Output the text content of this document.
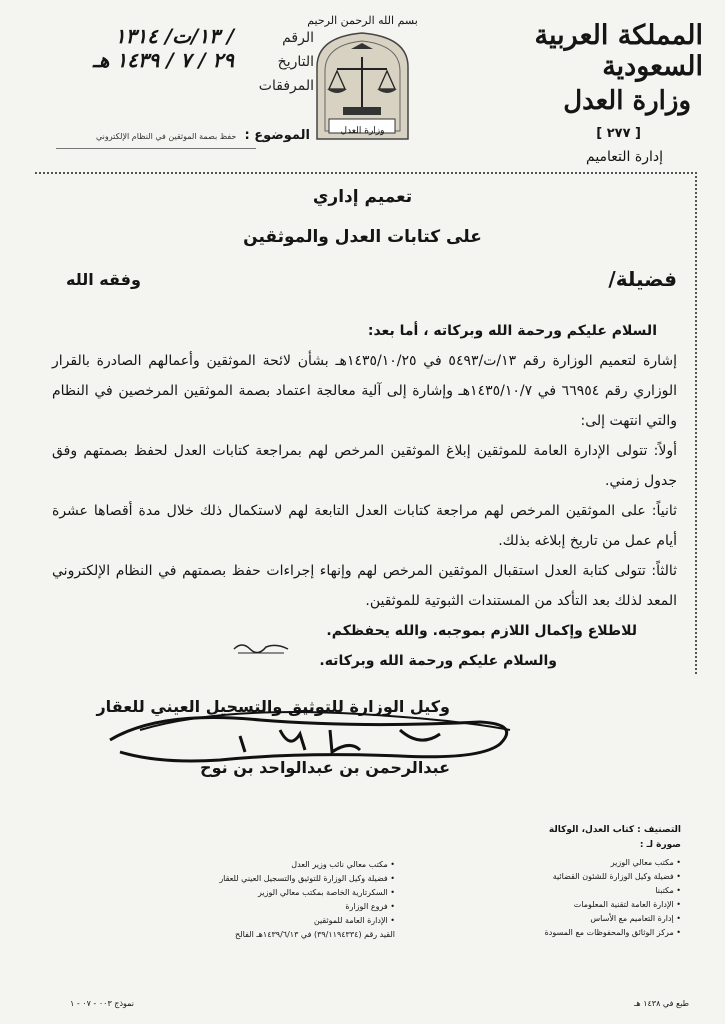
المملكة العربية السعودية
وزارة العدل
[ ٢٧٧ ]
إدارة التعاميم
بسم الله الرحمن الرحيم
وزارة العدل
الرقم
١٣/ت/ ١٣١٤ /
التاريخ
٢٩ / ٧ / ١٤٣٩ هـ
المرفقات
الموضوع : حفظ بصمة الموثقين في النظام الإلكتروني
تعميم إداري
على كتابات العدل والموثقين
فضيلة/
وفقه الله

السلام عليكم ورحمة الله وبركاته ، أما بعد:

إشارة لتعميم الوزارة رقم ١٣/ت/٥٤٩٣ في ١٤٣٥/١٠/٢٥هـ بشأن لائحة الموثقين وأعمالهم الصادرة بالقرار الوزاري رقم ٦٦٩٥٤ في ١٤٣٥/١٠/٧هـ وإشارة إلى آلية معالجة اعتماد بصمة الموثقين المرخصين في النظام والتي انتهت إلى:

أولاً: تتولى الإدارة العامة للموثقين إبلاغ الموثقين المرخص لهم بمراجعة كتابات العدل لحفظ بصمتهم وفق جدول زمني.

ثانياً: على الموثقين المرخص لهم مراجعة كتابات العدل التابعة لهم لاستكمال ذلك خلال مدة أقصاها عشرة أيام عمل من تاريخ إبلاغه بذلك.

ثالثاً: تتولى كتابة العدل استقبال الموثقين المرخص لهم وإنهاء إجراءات حفظ بصمتهم في النظام الإلكتروني المعد لذلك بعد التأكد من المستندات الثبوتية للموثقين.

للاطلاع وإكمال اللازم بموجبه. والله يحفظكم.

والسلام عليكم ورحمة الله وبركاته.

وكيل الوزارة للتوثيق والتسجيل العيني للعقار
عبدالرحمن بن عبدالواحد بن نوح
التصنيف : كتاب العدل، الوكالة
صورة لـ :
• مكتب معالي الوزير
• فضيلة وكيل الوزارة للشئون القضائية
• مكتبنا
• الإدارة العامة لتقنية المعلومات
• إدارة التعاميم مع الأساس
• مركز الوثائق والمحفوظات مع المسودة
• مكتب معالي نائب وزير العدل
• فضيلة وكيل الوزارة للتوثيق والتسجيل العيني للعقار
• السكرتارية الخاصة بمكتب معالي الوزير
• فروع الوزارة
• الإدارة العامة للموثقين
القيد رقم (٣٩/١١٩٤٣٣٤) في ١٤٣٩/٦/١٣هـ الفالح
طبع في ١٤٣٨ هـ
نموذج ٠٠٣ - ٠٧ - ١
